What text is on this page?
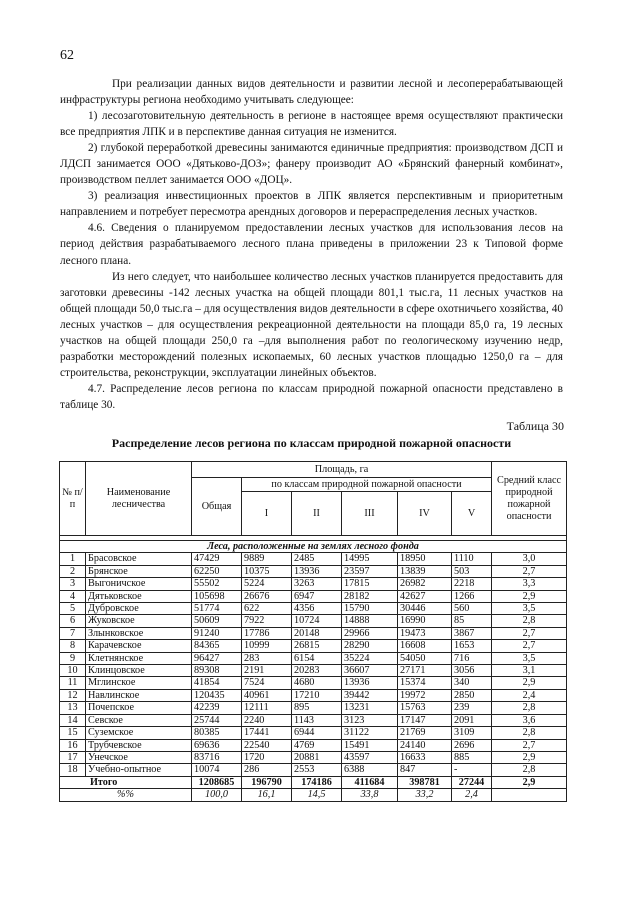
62

При реализации данных видов деятельности и развитии лесной и лесоперерабатывающей инфраструктуры региона необходимо учитывать следующее:

1) лесозаготовительную деятельность в регионе в настоящее время осуществляют практически все предприятия ЛПК и в перспективе данная ситуация не изменится.

2) глубокой переработкой древесины занимаются единичные предприятия: производством ДСП и ЛДСП занимается ООО «Дятьково-ДОЗ»; фанеру производит АО «Брянский фанерный комбинат», производством пеллет занимается ООО «ДОЦ».

3) реализация инвестиционных проектов в ЛПК является перспективным и приоритетным направлением и потребует пересмотра арендных договоров и перераспределения лесных участков.

4.6. Сведения о планируемом предоставлении лесных участков для использования лесов на период действия разрабатываемого лесного плана приведены в приложении 23 к Типовой форме лесного плана.

Из него следует, что наибольшее количество лесных участков планируется предоставить для заготовки древесины -142 лесных участка на общей площади 801,1 тыс.га, 11 лесных участков на общей площади 50,0 тыс.га – для осуществления видов деятельности в сфере охотничьего хозяйства, 40 лесных участков – для осуществления рекреационной деятельности на площади 85,0 га, 19 лесных участков на общей площади 250,0 га –для выполнения работ по геологическому изучению недр, разработки месторождений полезных ископаемых, 60 лесных участков площадью 1250,0 га – для строительства, реконструкции, эксплуатации линейных объектов.

4.7. Распределение лесов региона по классам природной пожарной опасности представлено в таблице 30.

Таблица 30
Распределение лесов региона по классам природной пожарной опасности
№ п/п	Наименование лесничества	Площадь, га						Средний класс природной пожарной опасности
		Общая	по классам природной пожарной опасности					
			I	II	III	IV	V	

Леса, расположенные на землях лесного фонда								
1	Брасовское	47429	9889	2485	14995	18950	1110	3,0
2	Брянское	62250	10375	13936	23597	13839	503	2,7
3	Выгоничское	55502	5224	3263	17815	26982	2218	3,3
4	Дятьковское	105698	26676	6947	28182	42627	1266	2,9
5	Дубровское	51774	622	4356	15790	30446	560	3,5
6	Жуковское	50609	7922	10724	14888	16990	85	2,8
7	Злынковское	91240	17786	20148	29966	19473	3867	2,7
8	Карачевское	84365	10999	26815	28290	16608	1653	2,7
9	Клетнянское	96427	283	6154	35224	54050	716	3,5
10	Клинцовское	89308	2191	20283	36607	27171	3056	3,1
11	Мглинское	41854	7524	4680	13936	15374	340	2,9
12	Навлинское	120435	40961	17210	39442	19972	2850	2,4
13	Почепское	42239	12111	895	13231	15763	239	2,8
14	Севское	25744	2240	1143	3123	17147	2091	3,6
15	Суземское	80385	17441	6944	31122	21769	3109	2,8
16	Трубчевское	69636	22540	4769	15491	24140	2696	2,7
17	Унечское	83716	1720	20881	43597	16633	885	2,9
18	Учебно-опытное	10074	286	2553	6388	847	-	2,8
Итого		1208685	196790	174186	411684	398781	27244	2,9
%%		100,0	16,1	14,5	33,8	33,2	2,4	
